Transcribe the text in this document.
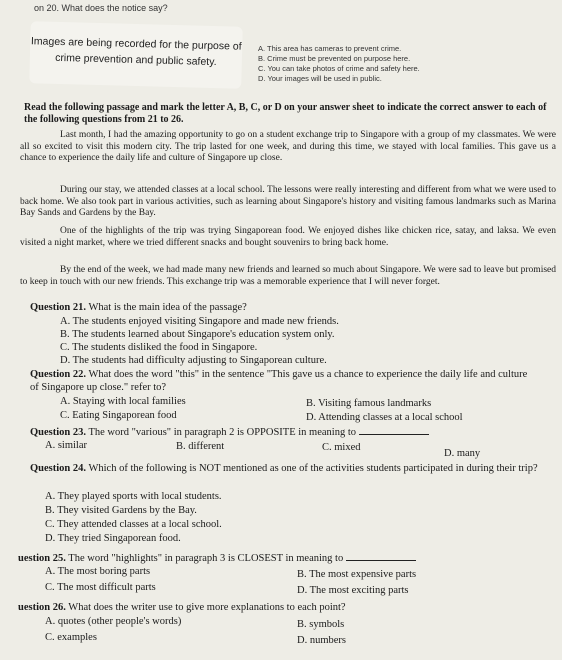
on 20. What does the notice say?
Images are being recorded for the purpose of
crime prevention and public safety.
A. This area has cameras to prevent crime.
B. Crime must be prevented on purpose here.
C. You can take photos of crime and safety here.
D. Your images will be used in public.
Read the following passage and mark the letter A, B, C, or D on your answer sheet to indicate the correct answer to each of the following questions from 21 to 26.
Last month, I had the amazing opportunity to go on a student exchange trip to Singapore with a group of my classmates. We were all so excited to visit this modern city. The trip lasted for one week, and during this time, we stayed with local families. This gave us a chance to experience the daily life and culture of Singapore up close.
During our stay, we attended classes at a local school. The lessons were really interesting and different from what we were used to back home. We also took part in various activities, such as learning about Singapore's history and visiting famous landmarks such as Marina Bay Sands and Gardens by the Bay.
One of the highlights of the trip was trying Singaporean food. We enjoyed dishes like chicken rice, satay, and laksa. We even visited a night market, where we tried different snacks and bought souvenirs to bring back home.
By the end of the week, we had made many new friends and learned so much about Singapore. We were sad to leave but promised to keep in touch with our new friends. This exchange trip was a memorable experience that I will never forget.
Question 21. What is the main idea of the passage?
A. The students enjoyed visiting Singapore and made new friends.
B. The students learned about Singapore's education system only.
C. The students disliked the food in Singapore.
D. The students had difficulty adjusting to Singaporean culture.
Question 22. What does the word "this" in the sentence "This gave us a chance to experience the daily life and culture of Singapore up close." refer to?
A. Staying with local families	B. Visiting famous landmarks
C. Eating Singaporean food	D. Attending classes at a local school
Question 23. The word "various" in paragraph 2 is OPPOSITE in meaning to
A. similar	B. different	C. mixed
D. many
Question 24. Which of the following is NOT mentioned as one of the activities students participated in during their trip?
A. They played sports with local students.
B. They visited Gardens by the Bay.
C. They attended classes at a local school.
D. They tried Singaporean food.
uestion 25. The word "highlights" in paragraph 3 is CLOSEST in meaning to
A. The most boring parts	B. The most expensive parts
C. The most difficult parts	D. The most exciting parts
uestion 26. What does the writer use to give more explanations to each point?
A. quotes (other people's words)	B. symbols
C. examples	D. numbers
